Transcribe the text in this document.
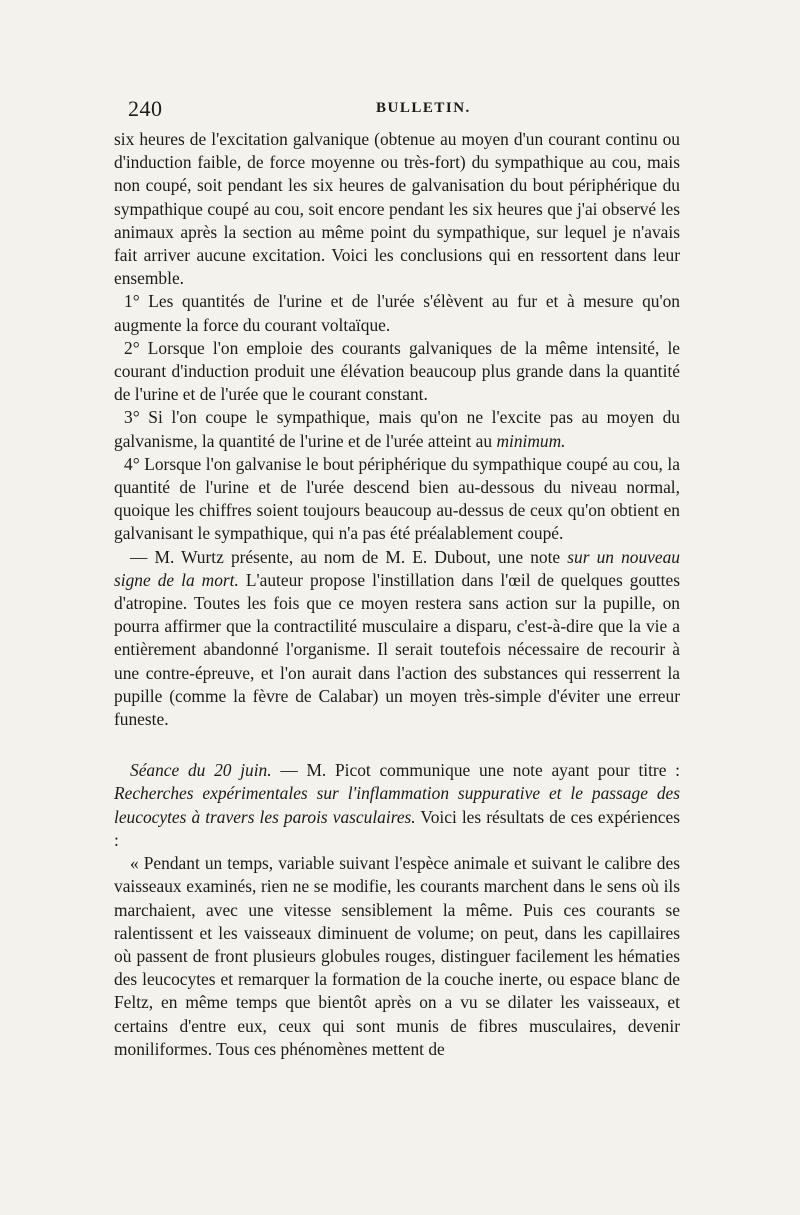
240	BULLETIN.

six heures de l'excitation galvanique (obtenue au moyen d'un courant continu ou d'induction faible, de force moyenne ou très-fort) du sympathique au cou, mais non coupé, soit pendant les six heures de galvanisation du bout périphérique du sympathique coupé au cou, soit encore pendant les six heures que j'ai observé les animaux après la section au même point du sympathique, sur lequel je n'avais fait arriver aucune excitation. Voici les conclusions qui en ressortent dans leur ensemble.

1° Les quantités de l'urine et de l'urée s'élèvent au fur et à mesure qu'on augmente la force du courant voltaïque.

2° Lorsque l'on emploie des courants galvaniques de la même intensité, le courant d'induction produit une élévation beaucoup plus grande dans la quantité de l'urine et de l'urée que le courant constant.

3° Si l'on coupe le sympathique, mais qu'on ne l'excite pas au moyen du galvanisme, la quantité de l'urine et de l'urée atteint au minimum.

4° Lorsque l'on galvanise le bout périphérique du sympathique coupé au cou, la quantité de l'urine et de l'urée descend bien au-dessous du niveau normal, quoique les chiffres soient toujours beaucoup au-dessus de ceux qu'on obtient en galvanisant le sympathique, qui n'a pas été préalablement coupé.

— M. Wurtz présente, au nom de M. E. Dubout, une note sur un nouveau signe de la mort. L'auteur propose l'instillation dans l'œil de quelques gouttes d'atropine. Toutes les fois que ce moyen restera sans action sur la pupille, on pourra affirmer que la contractilité musculaire a disparu, c'est-à-dire que la vie a entièrement abandonné l'organisme. Il serait toutefois nécessaire de recourir à une contre-épreuve, et l'on aurait dans l'action des substances qui resserrent la pupille (comme la fèvre de Calabar) un moyen très-simple d'éviter une erreur funeste.

Séance du 20 juin. — M. Picot communique une note ayant pour titre : Recherches expérimentales sur l'inflammation suppurative et le passage des leucocytes à travers les parois vasculaires. Voici les résultats de ces expériences :

« Pendant un temps, variable suivant l'espèce animale et suivant le calibre des vaisseaux examinés, rien ne se modifie, les courants marchent dans le sens où ils marchaient, avec une vitesse sensiblement la même. Puis ces courants se ralentissent et les vaisseaux diminuent de volume; on peut, dans les capillaires où passent de front plusieurs globules rouges, distinguer facilement les hématies des leucocytes et remarquer la formation de la couche inerte, ou espace blanc de Feltz, en même temps que bientôt après on a vu se dilater les vaisseaux, et certains d'entre eux, ceux qui sont munis de fibres musculaires, devenir moniliformes. Tous ces phénomènes mettent de
